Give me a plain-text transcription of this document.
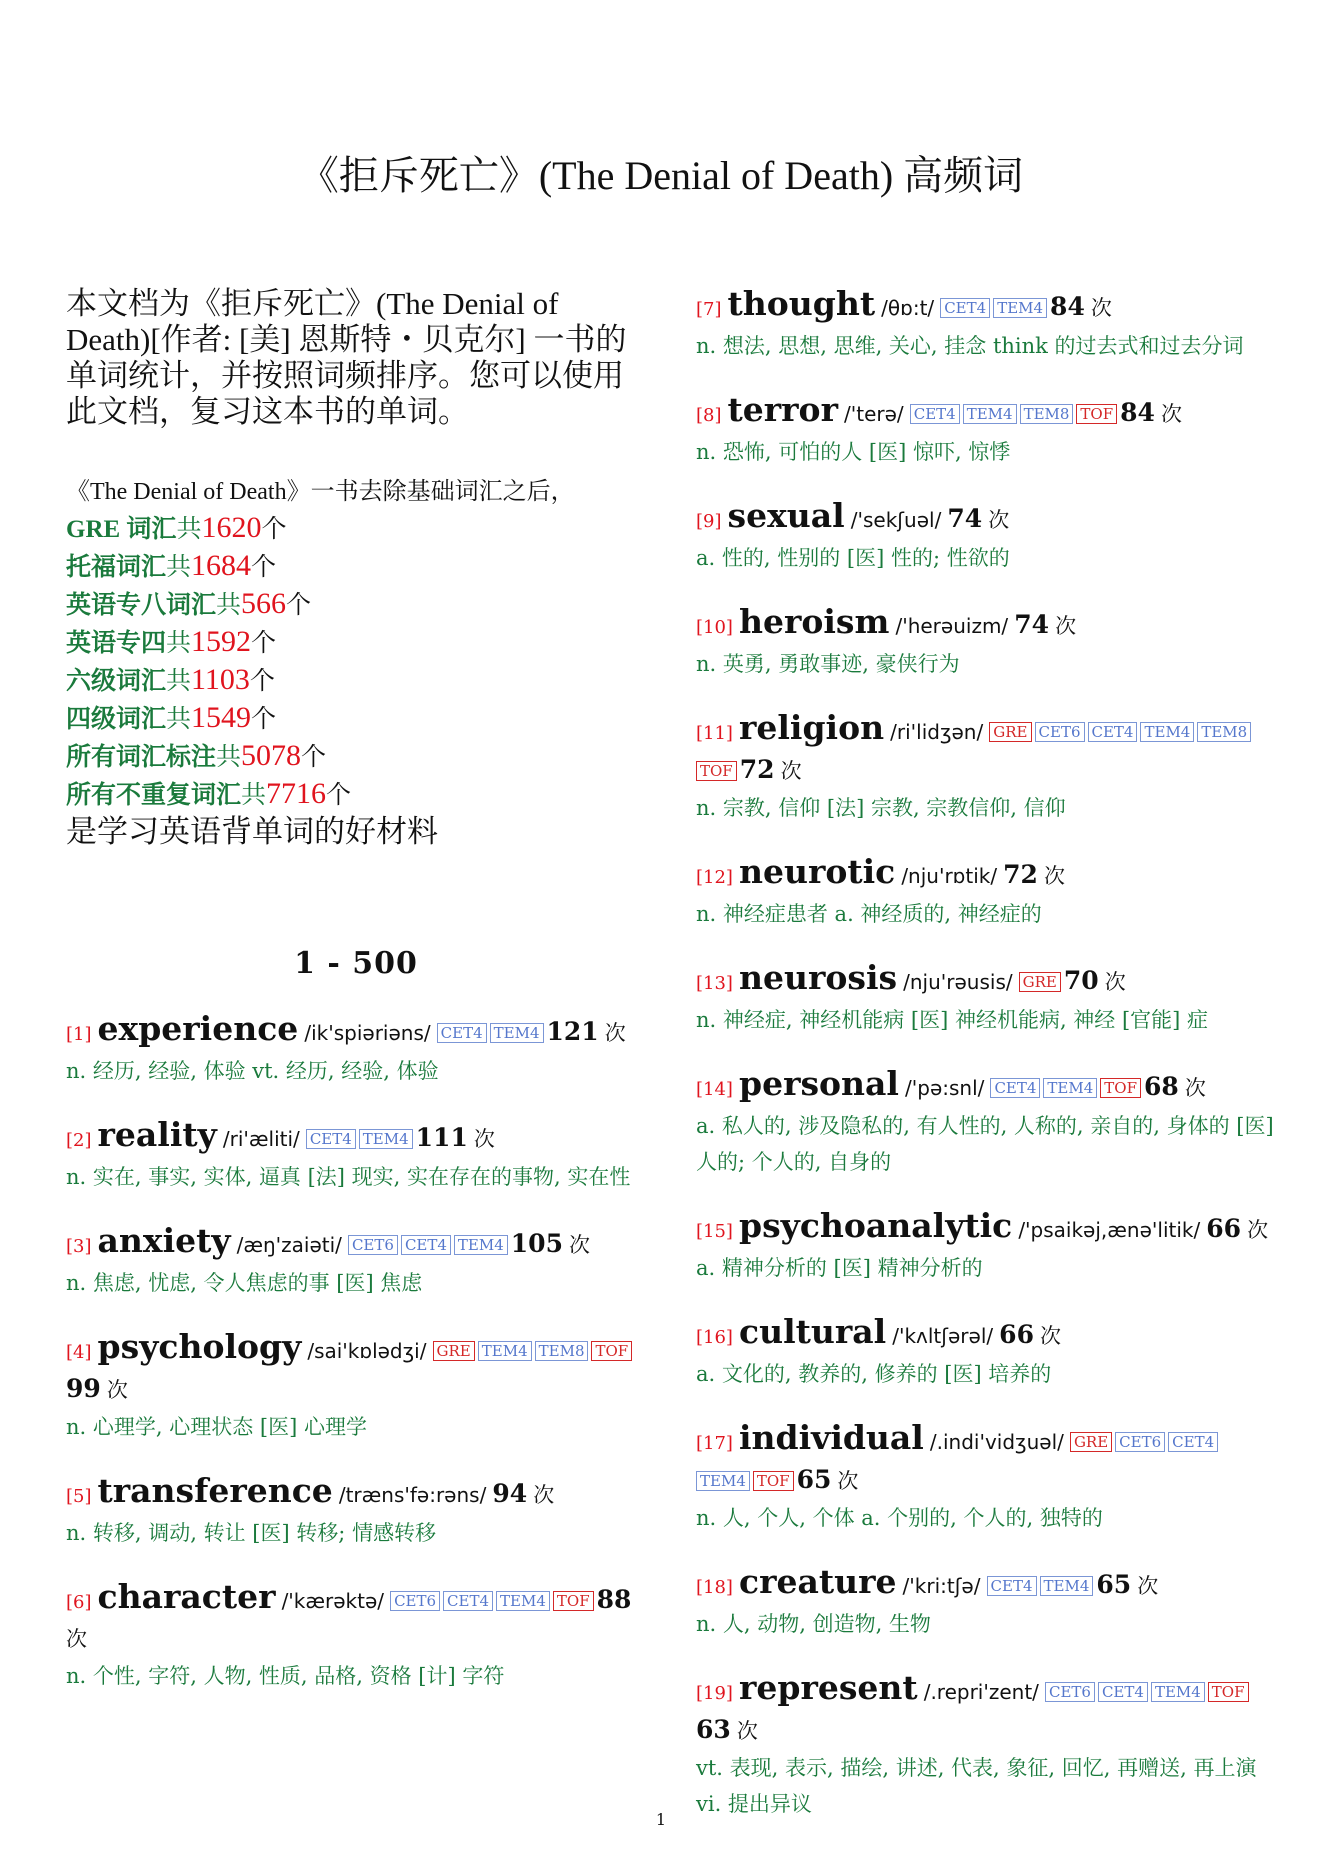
《拒斥死亡》(The Denial of Death) 高频词
本文档为《拒斥死亡》(The Denial of Death)[作者: [美] 恩斯特・贝克尔] 一书的单词统计，并按照词频排序。您可以使用此文档，复习这本书的单词。
《The Denial of Death》一书去除基础词汇之后，
GRE 词汇共1620个
托福词汇共1684个
英语专八词汇共566个
英语专四共1592个
六级词汇共1103个
四级词汇共1549个
所有词汇标注共5078个
所有不重复词汇共7716个
是学习英语背单词的好材料
1 - 500
[1] experience /ik'spiəriəns/ CET4 TEM4 121 次
n. 经历, 经验, 体验 vt. 经历, 经验, 体验
[2] reality /ri'æliti/ CET4 TEM4 111 次
n. 实在, 事实, 实体, 逼真 [法] 现实, 实在存在的事物, 实在性
[3] anxiety /æŋ'zaiəti/ CET6 CET4 TEM4 105 次
n. 焦虑, 忧虑, 令人焦虑的事 [医] 焦虑
[4] psychology /sai'kɒlədʒi/ GRE TEM4 TEM8 TOF99 次
n. 心理学, 心理状态 [医] 心理学
[5] transference /træns'fə:rəns/ 94 次
n. 转移, 调动, 转让 [医] 转移; 情感转移
[6] character /'kærəktə/ CET6 CET4 TEM4 TOF 88 次
n. 个性, 字符, 人物, 性质, 品格, 资格 [计] 字符
[7] thought /θɒ:t/ CET4 TEM4 84 次
n. 想法, 思想, 思维, 关心, 挂念 think 的过去式和过去分词
[8] terror /'terə/ CET4 TEM4 TEM8 TOF 84 次
n. 恐怖, 可怕的人 [医] 惊吓, 惊悸
[9] sexual /'sekʃuəl/ 74 次
a. 性的, 性别的 [医] 性的; 性欲的
[10] heroism /'herəuizm/ 74 次
n. 英勇, 勇敢事迹, 豪侠行为
[11] religion /ri'lidʒən/ GRE CET6 CET4 TEM4 TEM8TOF 72 次
n. 宗教, 信仰 [法] 宗教, 宗教信仰, 信仰
[12] neurotic /nju'rɒtik/ 72 次
n. 神经症患者 a. 神经质的, 神经症的
[13] neurosis /nju'rəusis/ GRE 70 次
n. 神经症, 神经机能病 [医] 神经机能病, 神经 [官能] 症
[14] personal /'pə:snl/ CET4 TEM4 TOF 68 次
a. 私人的, 涉及隐私的, 有人性的, 人称的, 亲自的, 身体的 [医] 人的; 个人的, 自身的
[15] psychoanalytic /'psaikəj,ænə'litik/ 66 次
a. 精神分析的 [医] 精神分析的
[16] cultural /'kʌltʃərəl/ 66 次
a. 文化的, 教养的, 修养的 [医] 培养的
[17] individual /.indi'vidʒuəl/ GRE CET6 CET4TEM4 TOF 65 次
n. 人, 个人, 个体 a. 个别的, 个人的, 独特的
[18] creature /'kri:tʃə/ CET4 TEM4 65 次
n. 人, 动物, 创造物, 生物
[19] represent /.repri'zent/ CET6 CET4 TEM4 TOF63 次
vt. 表现, 表示, 描绘, 讲述, 代表, 象征, 回忆, 再赠送, 再上演 vi. 提出异议
1
